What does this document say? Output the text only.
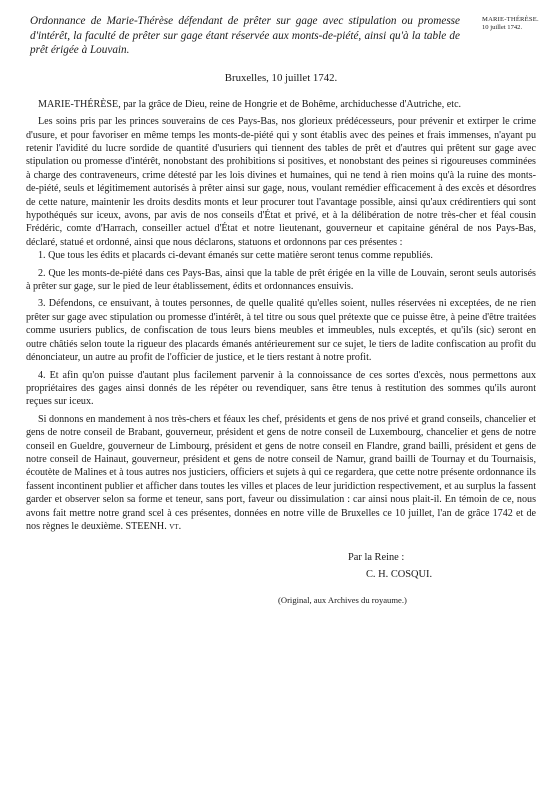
Ordonnance de Marie-Thérèse défendant de prêter sur gage avec stipulation ou promesse d'intérêt, la faculté de prêter sur gage étant réservée aux monts-de-piété, ainsi qu'à la table de prêt érigée à Louvain.

MARIE-THÉRÈSE.
10 juillet 1742.
Bruxelles, 10 juillet 1742.

MARIE-THÉRÈSE, par la grâce de Dieu, reine de Hongrie et de Bohême, archiduchesse d'Autriche, etc.

Les soins pris par les princes souverains de ces Pays-Bas, nos glorieux prédécesseurs, pour prévenir et extirper le crime d'usure, et pour favoriser en même temps les monts-de-piété qui y sont établis avec des peines et frais immenses, n'ayant pu retenir l'avidité du lucre sordide de quantité d'usuriers qui tiennent des tables de prêt et d'autres qui prêtent sur gage avec stipulation ou promesse d'intérêt, nonobstant des prohibitions si positives, et nonobstant des peines si rigoureuses comminées à charge des contraveneurs, crime détesté par les lois divines et humaines, qui ne tend à rien moins qu'à la ruine des monts-de-piété, seuls et légitimement autorisés à prêter ainsi sur gage, nous, voulant remédier efficacement à des excès et désordres de cette nature, maintenir les droits desdits monts et leur procurer tout l'avantage possible, ainsi qu'aux crédirentiers qui sont hypothéqués sur iceux, avons, par avis de nos conseils d'État et privé, et à la délibération de notre très-cher et féal cousin Frédéric, comte d'Harrach, conseiller actuel d'État et notre lieutenant, gouverneur et capitaine général de nos Pays-Bas, déclaré, statué et ordonné, ainsi que nous déclarons, statuons et ordonnons par ces présentes :

1. Que tous les édits et placards ci-devant émanés sur cette matière seront tenus comme republiés.

2. Que les monts-de-piété dans ces Pays-Bas, ainsi que la table de prêt érigée en la ville de Louvain, seront seuls autorisés à prêter sur gage, sur le pied de leur établissement, édits et ordonnances ensuivis.

3. Défendons, ce ensuivant, à toutes personnes, de quelle qualité qu'elles soient, nulles réservées ni exceptées, de ne rien prêter sur gage avec stipulation ou promesse d'intérêt, à tel titre ou sous quel prétexte que ce puisse être, à peine d'être traitées comme usuriers publics, de confiscation de tous leurs biens meubles et immeubles, nuls exceptés, et qu'ils (sic) seront en outre châtiés selon toute la rigueur des placards émanés antérieurement sur ce sujet, le tiers de ladite confiscation au profit du dénonciateur, un autre au profit de l'officier de justice, et le tiers restant à notre profit.

4. Et afin qu'on puisse d'autant plus facilement parvenir à la connoissance de ces sortes d'excès, nous permettons aux propriétaires des gages ainsi donnés de les répéter ou revendiquer, sans être tenus à restitution des sommes qu'ils auront reçues sur iceux.

Si donnons en mandement à nos très-chers et féaux les chef, présidents et gens de nos privé et grand conseils, chancelier et gens de notre conseil de Brabant, gouverneur, président et gens de notre conseil de Luxembourg, chancelier et gens de notre conseil en Gueldre, gouverneur de Limbourg, président et gens de notre conseil en Flandre, grand bailli, président et gens de notre conseil de Hainaut, gouverneur, président et gens de notre conseil de Namur, grand bailli de Tournay et du Tournaisis, écoutète de Malines et à tous autres nos justiciers, officiers et sujets à qui ce regardera, que cette notre présente ordonnance ils fassent incontinent publier et afficher dans toutes les villes et places de leur juridiction respectivement, et au surplus la fassent garder et observer selon sa forme et teneur, sans port, faveur ou dissimulation : car ainsi nous plait-il. En témoin de ce, nous avons fait mettre notre grand scel à ces présentes, données en notre ville de Bruxelles ce 10 juillet, l'an de grâce 1742 et de nos règnes le deuxième. STEENH. vt.

Par la Reine :
C. H. COSQUI.
(Original, aux Archives du royaume.)
